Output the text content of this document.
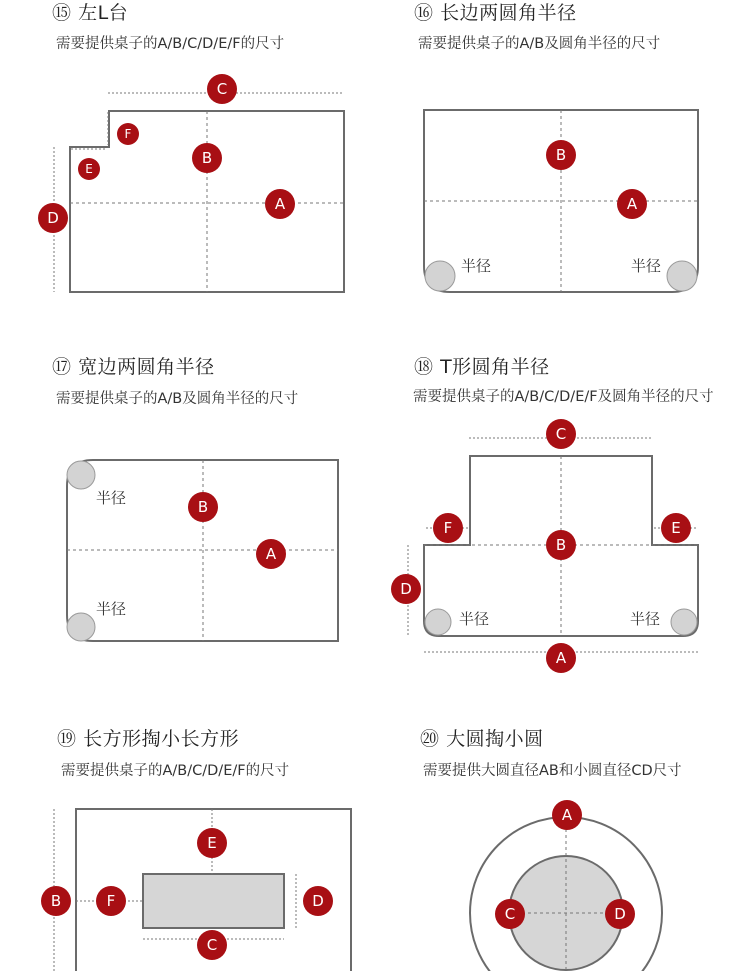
⑮ 左L台
需要提供桌子的A/B/C/D/E/F的尺寸
⑯ 长边两圆角半径
需要提供桌子的A/B及圆角半径的尺寸
⑰ 宽边两圆角半径
需要提供桌子的A/B及圆角半径的尺寸
⑱ T形圆角半径
需要提供桌子的A/B/C/D/E/F及圆角半径的尺寸
⑲ 长方形掏小长方形
需要提供桌子的A/B/C/D/E/F的尺寸
⑳ 大圆掏小圆
需要提供大圆直径AB和小圆直径CD尺寸
C
B
A
D
E
F
半径	半径
B
A
半径
半径
B
A
半径	半径
C
B
F	E
D
A
E
B	F	D
C
A
C	D
